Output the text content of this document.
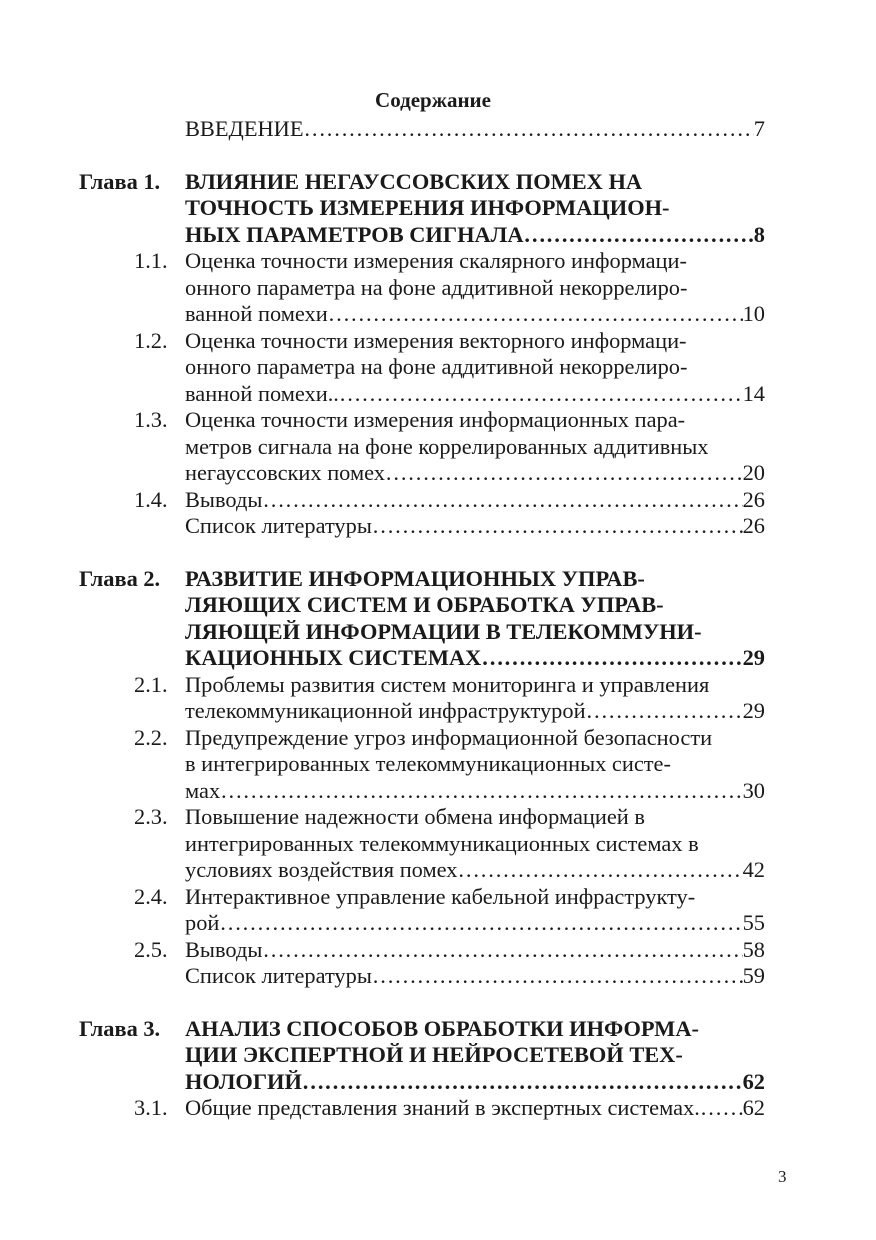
Содержание
ВВЕДЕНИЕ …………………………………………………………………………………………………………………………………	7
Глава 1. ВЛИЯНИЕ НЕГАУССОВСКИХ ПОМЕХ НА
ТОЧНОСТЬ ИЗМЕРЕНИЯ ИНФОРМАЦИОН-
НЫХ ПАРАМЕТРОВ СИГНАЛА …………………………………………………………………………………………………………………………………	8
1.1. Оценка точности измерения скалярного информаци-
онного параметра на фоне аддитивной некоррелиро-
ванной помехи …………………………………………………………………………………………………………………………………	10
1.2. Оценка точности измерения векторного информаци-
онного параметра на фоне аддитивной некоррелиро-
ванной помехи.. …………………………………………………………………………………………………………………………………	14
1.3. Оценка точности измерения информационных пара-
метров сигнала на фоне коррелированных аддитивных
негауссовских помех …………………………………………………………………………………………………………………………………	20
1.4. Выводы …………………………………………………………………………………………………………………………………	26
Список литературы …………………………………………………………………………………………………………………………………	26
Глава 2. РАЗВИТИЕ ИНФОРМАЦИОННЫХ УПРАВ-
ЛЯЮЩИХ СИСТЕМ И ОБРАБОТКА УПРАВ-
ЛЯЮЩЕЙ ИНФОРМАЦИИ В ТЕЛЕКОММУНИ-
КАЦИОННЫХ СИСТЕМАХ …………………………………………………………………………………………………………………………………	29
2.1. Проблемы развития систем мониторинга и управления
телекоммуникационной инфраструктурой …………………………………………………………………………………………………………………………………	29
2.2. Предупреждение угроз информационной безопасности
в интегрированных телекоммуникационных систе-
мах …………………………………………………………………………………………………………………………………	30
2.3. Повышение надежности обмена информацией в
интегрированных телекоммуникационных системах в
условиях воздействия помех …………………………………………………………………………………………………………………………………	42
2.4. Интерактивное управление кабельной инфраструкту-
рой …………………………………………………………………………………………………………………………………	55
2.5. Выводы …………………………………………………………………………………………………………………………………	58
Список литературы …………………………………………………………………………………………………………………………………	59
Глава 3. АНАЛИЗ СПОСОБОВ ОБРАБОТКИ ИНФОРМА-
ЦИИ ЭКСПЕРТНОЙ И НЕЙРОСЕТЕВОЙ ТЕХ-
НОЛОГИЙ …………………………………………………………………………………………………………………………………	62
3.1. Общие представления знаний в экспертных системах. ………………………………………………………………………………………………………………………………… 62
3
